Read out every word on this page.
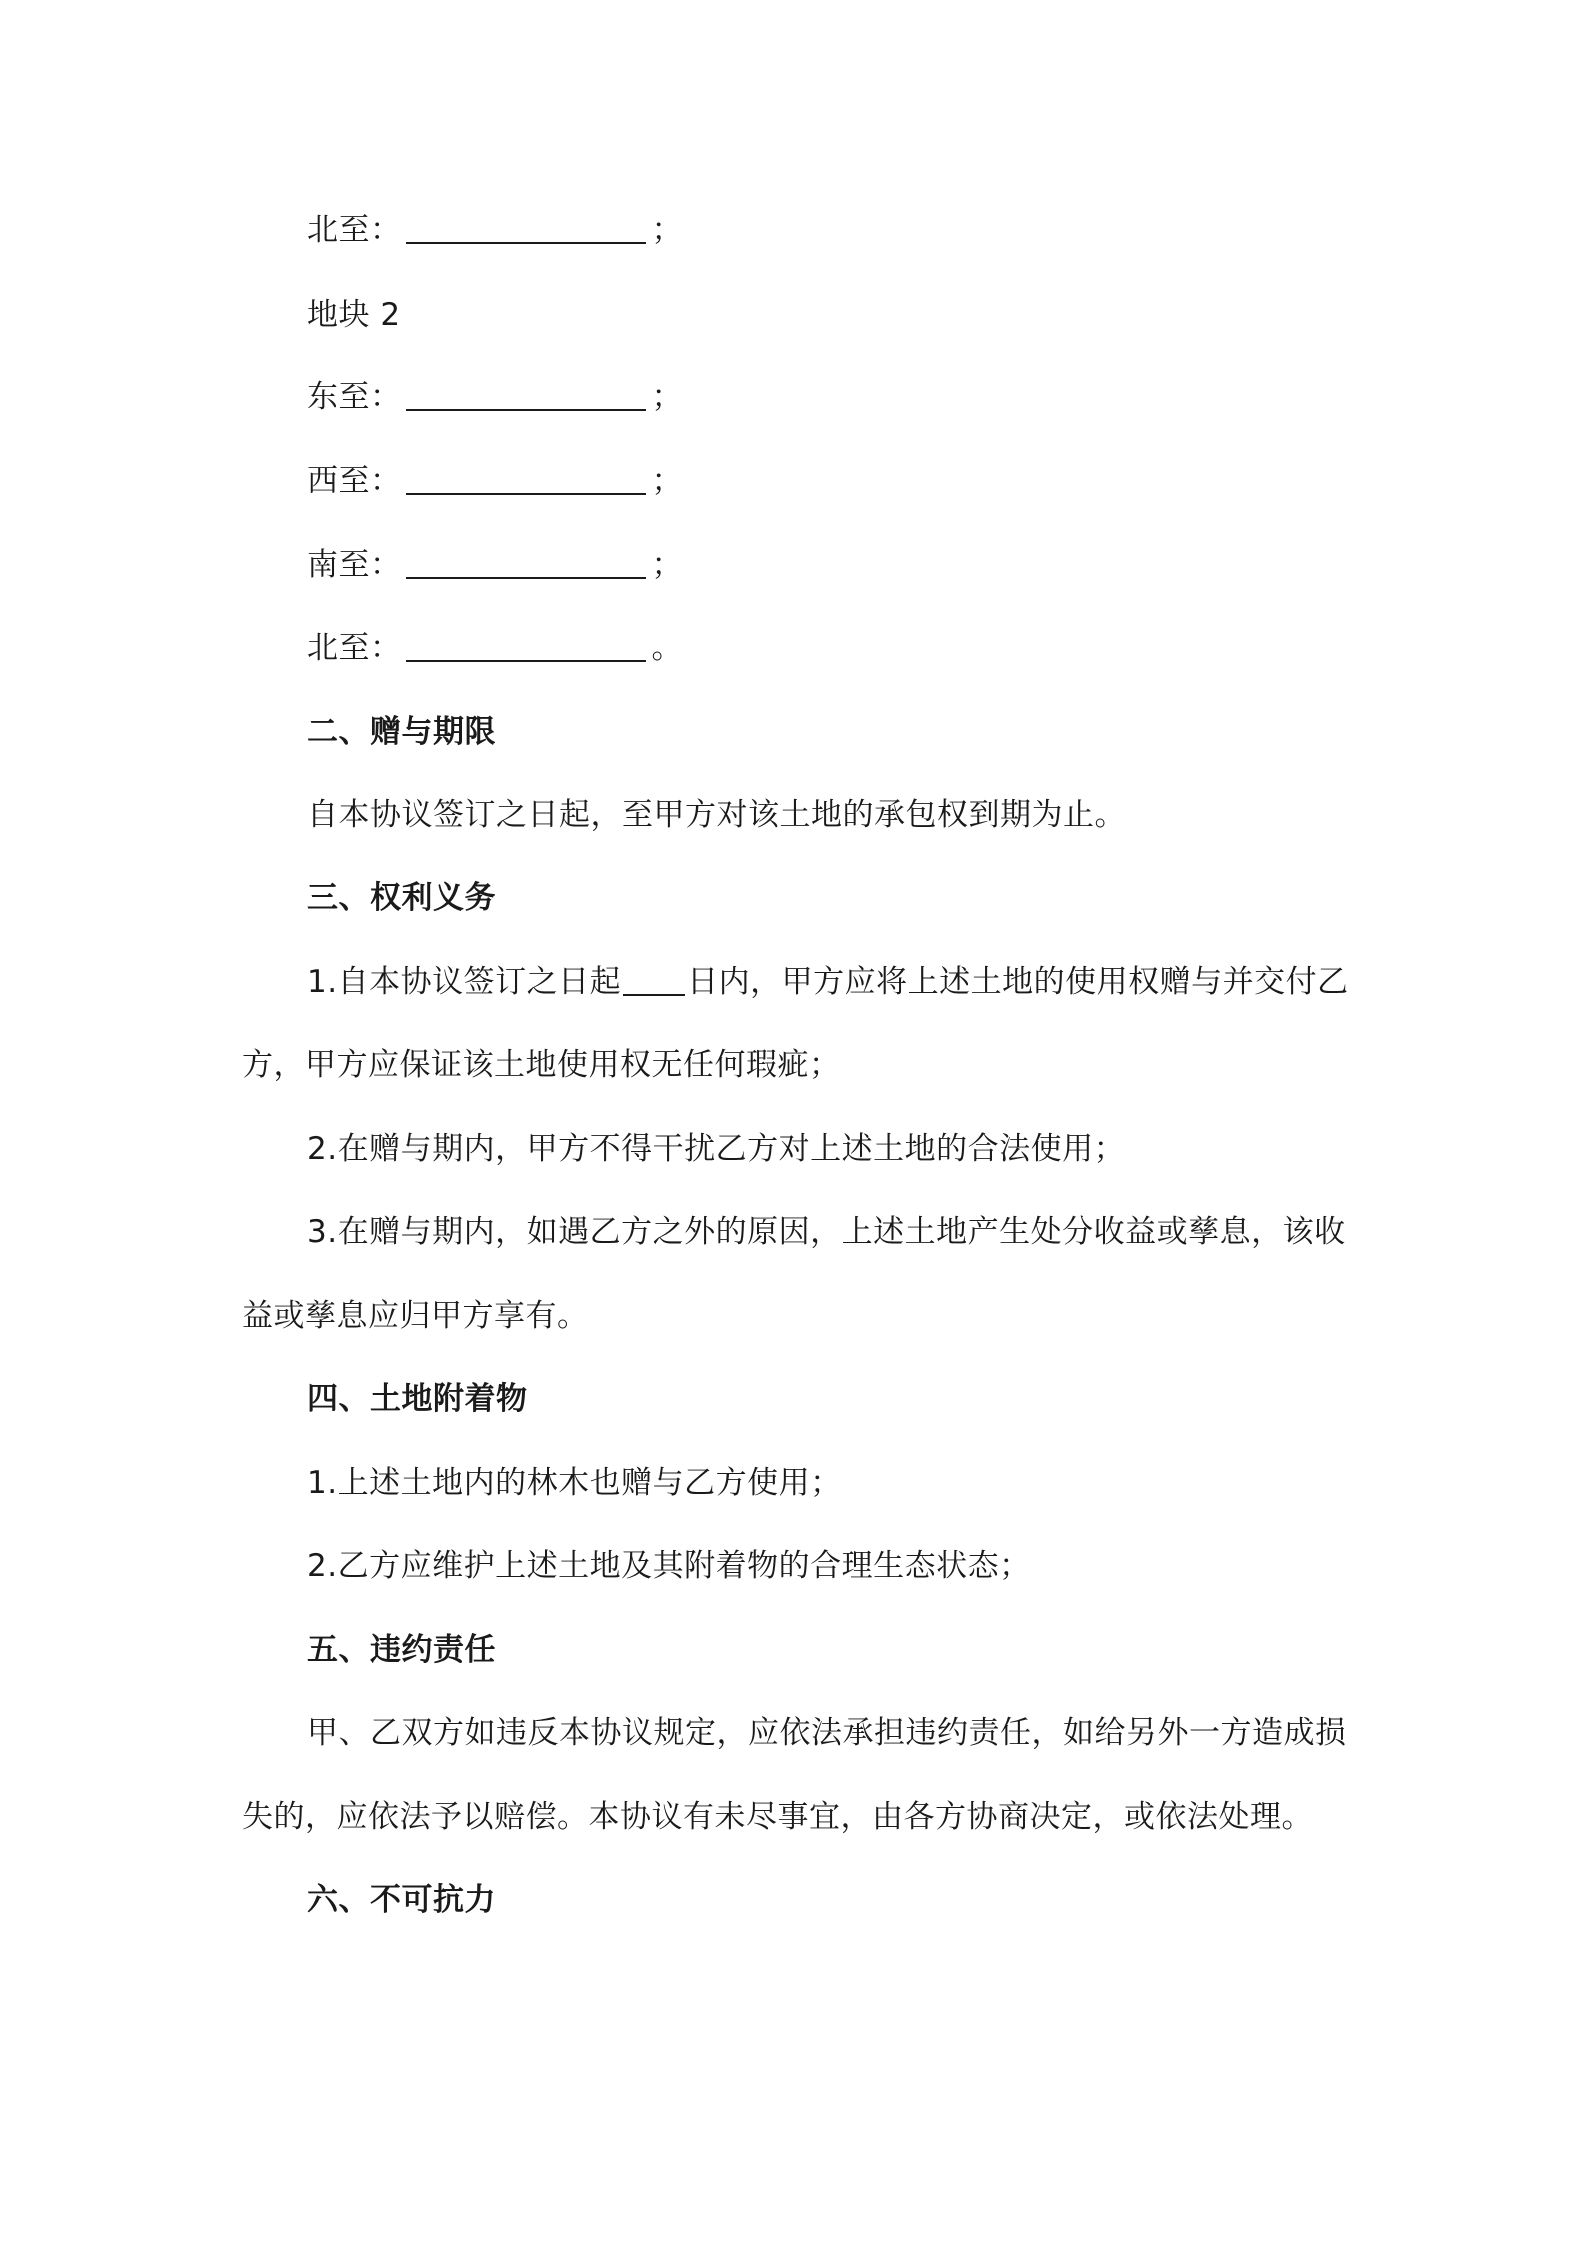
北至：	；
地块 2
东至：	；
西至：	；
南至：	；
北至：	。
二、赠与期限
自本协议签订之日起，至甲方对该土地的承包权到期为止。
三、权利义务
1.自本协议签订之日起 日内，甲方应将上述土地的使用权赠与并交付乙
方，甲方应保证该土地使用权无任何瑕疵；
2.在赠与期内，甲方不得干扰乙方对上述土地的合法使用；
3.在赠与期内，如遇乙方之外的原因，上述土地产生处分收益或孳息，该收
益或孳息应归甲方享有。
四、土地附着物
1.上述土地内的林木也赠与乙方使用；
2.乙方应维护上述土地及其附着物的合理生态状态；
五、违约责任
甲、乙双方如违反本协议规定，应依法承担违约责任，如给另外一方造成损
失的，应依法予以赔偿。本协议有未尽事宜，由各方协商决定，或依法处理。
六、不可抗力
